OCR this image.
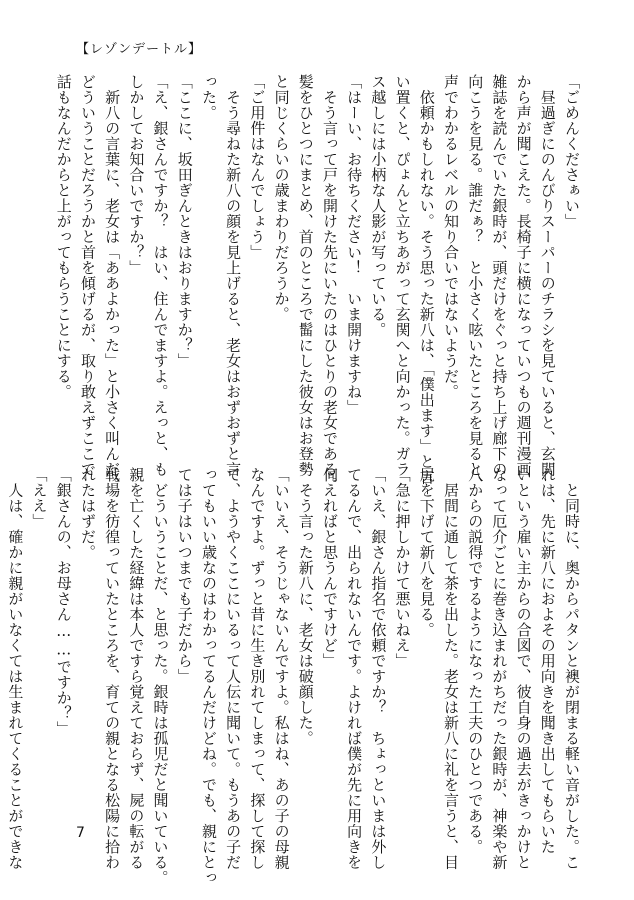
【レゾンデートル】
「ごめんくださぁい」
　昼過ぎにのんびりスーパーのチラシを見ていると、玄関
から声が聞こえた。長椅子に横になっていつもの週刊漫画
雑誌を読んでいた銀時が、頭だけをぐっと持ち上げ廊下の
向こうを見る。誰だぁ？　と小さく呟いたところを見ると、
声でわかるレベルの知り合いではないようだ。
　依頼かもしれない。そう思った新八は、「僕出ます」と言
い置くと、ぴょんと立ちあがって玄関へと向かった。ガラ
ス越しには小柄な人影が写っている。
「はーい、お待ちください！　いま開けますね」
　そう言って戸を開けた先にいたのはひとりの老女である。
髪をひとつにまとめ、首のところで髷にした彼女はお登勢
と同じくらいの歳まわりだろうか。
「ご用件はなんでしょう」
　そう尋ねた新八の顔を見上げると、老女はおずおずと言
った。
「ここに、坂田ぎんときはおりますか？」
「え、銀さんですか？　はい、住んでますよ。えっと、も
しかしてお知合いですか？」
　新八の言葉に、老女は「ああよかった」と小さく叫んだ。
どういうことだろうかと首を傾げるが、取り敢えずここで
話もなんだからと上がってもらうことにする。
　と同時に、奥からパタンと襖が閉まる軽い音がした。こ
れは、先に新八におよその用向きを聞き出してもらいた
いという雇い主からの合図で、彼自身の過去がきっかけと
なって厄介ごとに巻き込まれがちだった銀時が、神楽や新
八からの説得でするようになった工夫のひとつである。
　居間に通して茶を出した。老女は新八に礼を言うと、目
尻を下げて新八を見る。
「急に押しかけて悪いねえ」
「いえ、銀さん指名で依頼ですか？　ちょっといまは外し
てるんで、出られないんです。よければ僕が先に用向きを
伺えればと思うんですけど」
　そう言った新八に、老女は破顔した。
「いいえ、そうじゃないんですよ。私はね、あの子の母親
なんですよ。ずっと昔に生き別れてしまって、探して探し
て、ようやくここにいるって人伝に聞いて。もうあの子だ
ってもいい歳なのはわかってるんだけどね。でも、親にとっ
ては子はいつまでも子だから」
　どういうことだ、と思った。銀時は孤児だと聞いている。
親を亡くした経緯は本人ですら覚えておらず、屍の転がる
戦場を彷徨っていたところを、育ての親となる松陽に拾わ
れたはずだ。
「銀さんの、お母さん……ですか？」
「ええ」
　人は、確かに親がいなくては生まれてくることができな	7
